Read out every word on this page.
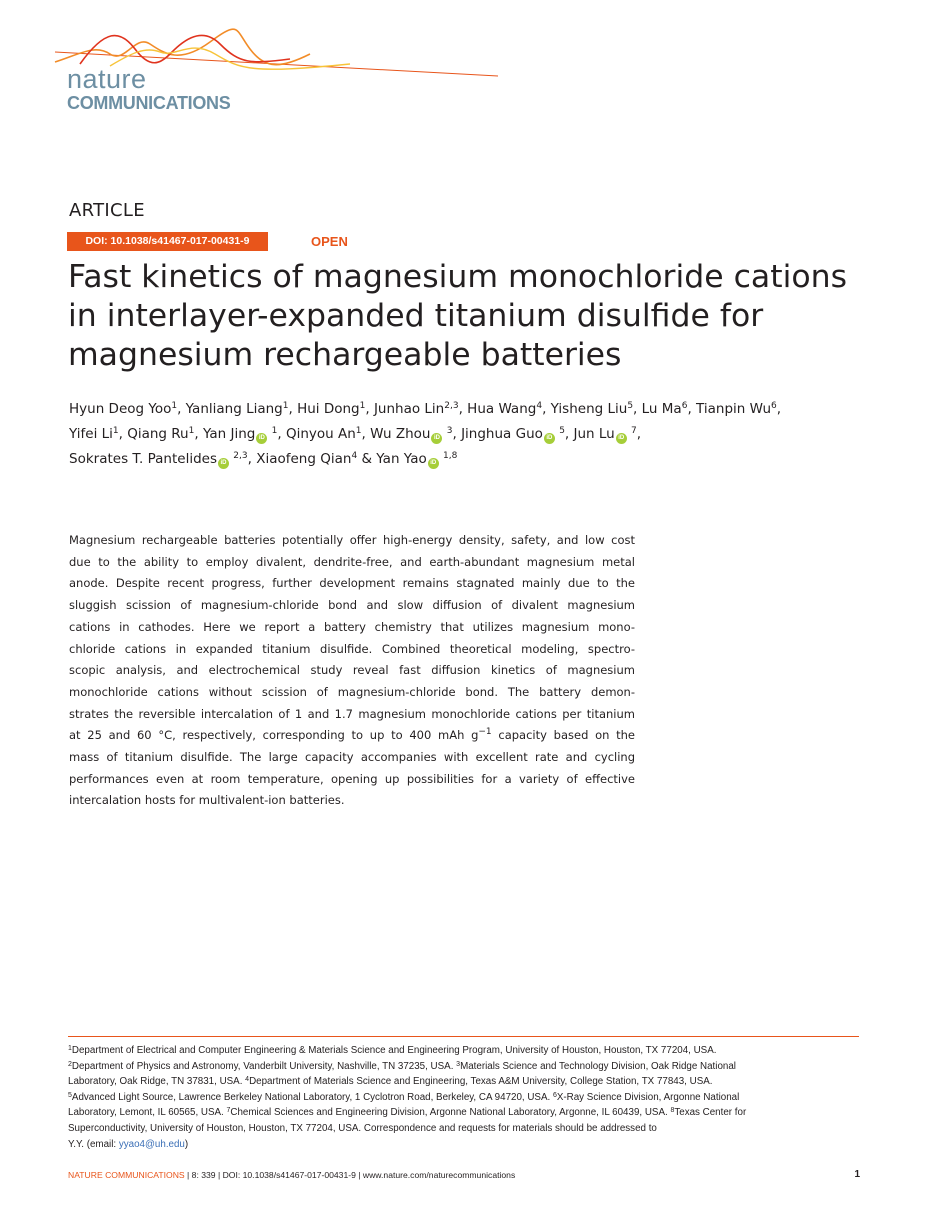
nature
COMMUNICATIONS
ARTICLE
DOI: 10.1038/s41467-017-00431-9	OPEN
Fast kinetics of magnesium monochloride cations
in interlayer-expanded titanium disulfide for
magnesium rechargeable batteries
Hyun Deog Yoo$^1$, Yanliang Liang$^1$, Hui Dong$^1$, Junhao Lin$^{2,3}$, Hua Wang$^4$, Yisheng Liu$^5$, Lu Ma$^6$, Tianpin Wu$^6$,
Yifei Li$^1$, Qiang Ru$^1$, Yan Jing iD $^1$, Qinyou An$^1$, Wu Zhou iD $^3$, Jinghua Guo iD $^5$, Jun Lu iD $^7$,
Sokrates T. Pantelides iD $^{2,3}$, Xiaofeng Qian$^4$ & Yan Yao iD $^{1,8}$
Magnesium rechargeable batteries potentially offer high-energy density, safety, and low cost
due to the ability to employ divalent, dendrite-free, and earth-abundant magnesium metal
anode. Despite recent progress, further development remains stagnated mainly due to the
sluggish scission of magnesium-chloride bond and slow diffusion of divalent magnesium
cations in cathodes. Here we report a battery chemistry that utilizes magnesium mono-
chloride cations in expanded titanium disulfide. Combined theoretical modeling, spectro-
scopic analysis, and electrochemical study reveal fast diffusion kinetics of magnesium
monochloride cations without scission of magnesium-chloride bond. The battery demon-
strates the reversible intercalation of 1 and 1.7 magnesium monochloride cations per titanium
at 25 and 60 °C, respectively, corresponding to up to 400 mAh $g^{-1}$ capacity based on the
mass of titanium disulfide. The large capacity accompanies with excellent rate and cycling
performances even at room temperature, opening up possibilities for a variety of effective
intercalation hosts for multivalent-ion batteries.
$^1$Department of Electrical and Computer Engineering & Materials Science and Engineering Program, University of Houston, Houston, TX 77204, USA.
$^2$Department of Physics and Astronomy, Vanderbilt University, Nashville, TN 37235, USA. $^3$Materials Science and Technology Division, Oak Ridge National
Laboratory, Oak Ridge, TN 37831, USA. $^4$Department of Materials Science and Engineering, Texas A&M University, College Station, TX 77843, USA.
$^5$Advanced Light Source, Lawrence Berkeley National Laboratory, 1 Cyclotron Road, Berkeley, CA 94720, USA. $^6$X-Ray Science Division, Argonne National
Laboratory, Lemont, IL 60565, USA. $^7$Chemical Sciences and Engineering Division, Argonne National Laboratory, Argonne, IL 60439, USA. $^8$Texas Center for
Superconductivity, University of Houston, Houston, TX 77204, USA. Correspondence and requests for materials should be addressed to
Y.Y. (email: yyao4@uh.edu)
NATURE COMMUNICATIONS | 8: 339 | DOI: 10.1038/s41467-017-00431-9 | www.nature.com/naturecommunications	1
